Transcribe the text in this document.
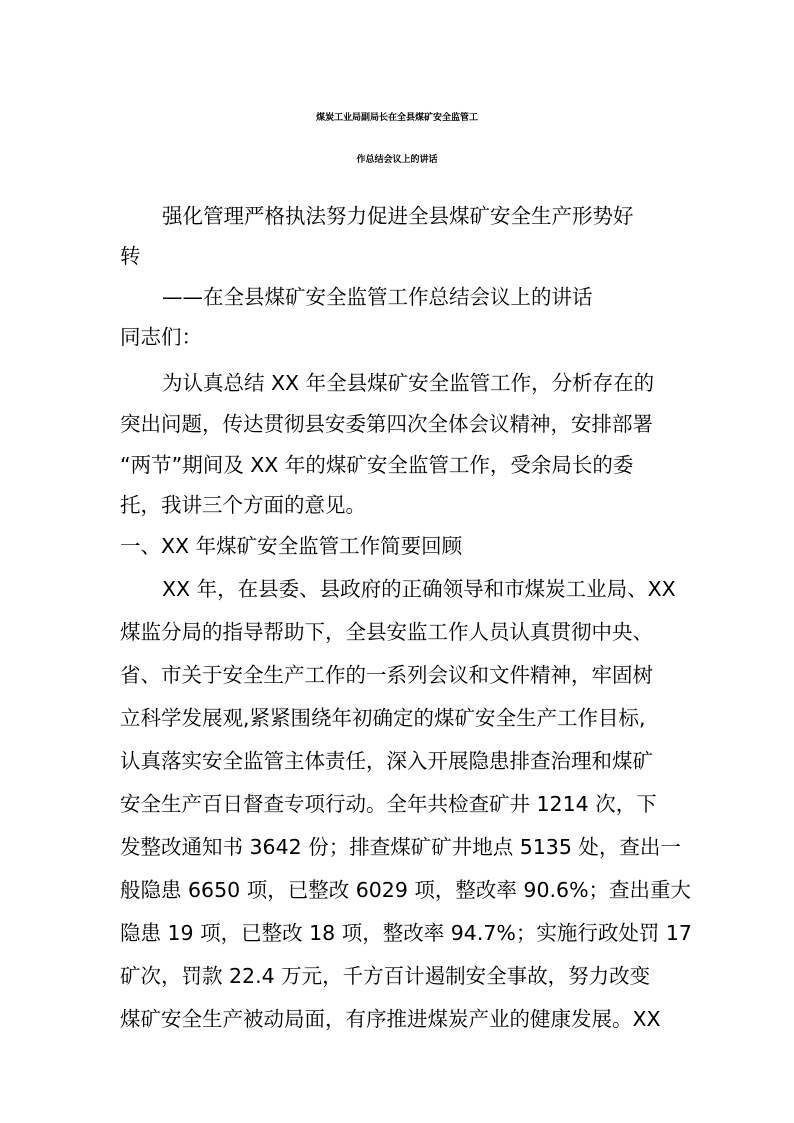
煤炭工业局副局长在全县煤矿安全监管工
作总结会议上的讲话
强化管理严格执法努力促进全县煤矿安全生产形势好
转
——在全县煤矿安全监管工作总结会议上的讲话
同志们：
为认真总结 XX 年全县煤矿安全监管工作，分析存在的
突出问题，传达贯彻县安委第四次全体会议精神，安排部署
“两节”期间及 XX 年的煤矿安全监管工作，受余局长的委
托，我讲三个方面的意见。
一、XX 年煤矿安全监管工作简要回顾
XX 年，在县委、县政府的正确领导和市煤炭工业局、XX
煤监分局的指导帮助下，全县安监工作人员认真贯彻中央、
省、市关于安全生产工作的一系列会议和文件精神，牢固树
立科学发展观,紧紧围绕年初确定的煤矿安全生产工作目标,
认真落实安全监管主体责任，深入开展隐患排查治理和煤矿
安全生产百日督查专项行动。全年共检查矿井 1214 次，下
发整改通知书 3642 份；排查煤矿矿井地点 5135 处，查出一
般隐患 6650 项，已整改 6029 项，整改率 90.6%；查出重大
隐患 19 项，已整改 18 项，整改率 94.7%；实施行政处罚 17
矿次，罚款 22.4 万元，千方百计遏制安全事故，努力改变
煤矿安全生产被动局面，有序推进煤炭产业的健康发展。XX
